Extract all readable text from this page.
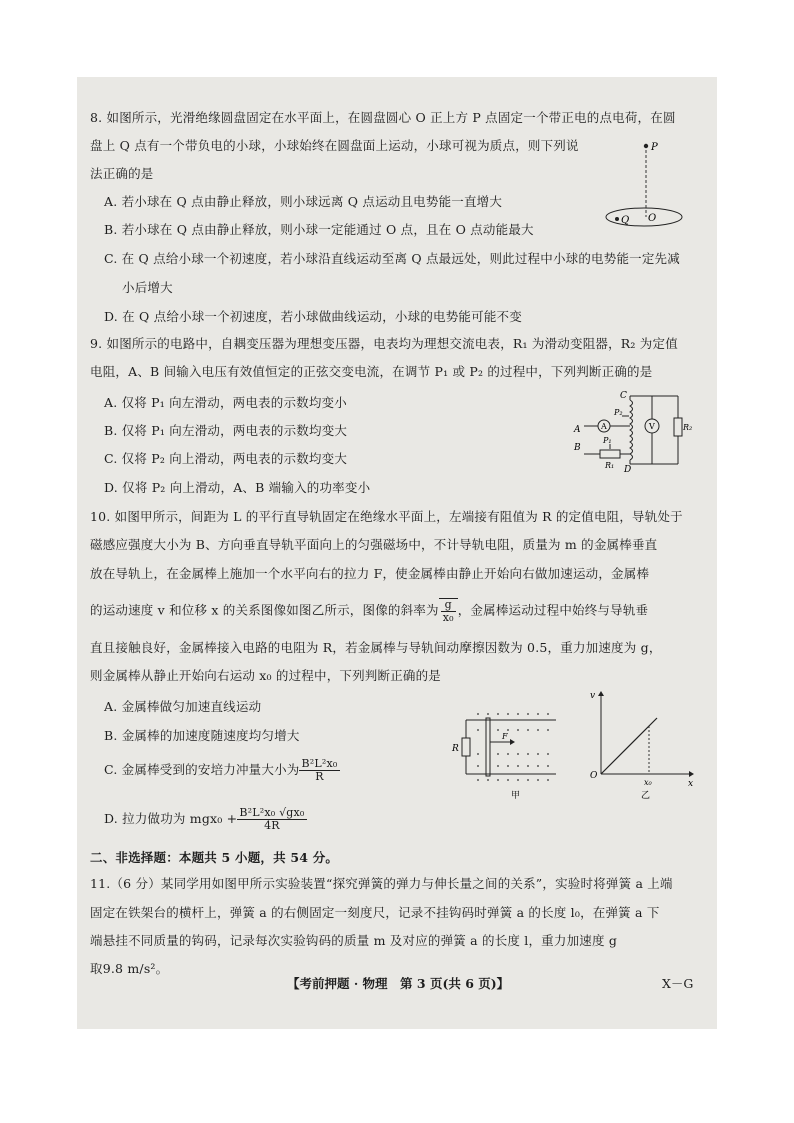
8. 如图所示，光滑绝缘圆盘固定在水平面上，在圆盘圆心 O 正上方 P 点固定一个带正电的点电荷，在圆
盘上 Q 点有一个带负电的小球，小球始终在圆盘面上运动，小球可视为质点，则下列说
法正确的是
A. 若小球在 Q 点由静止释放，则小球远离 Q 点运动且电势能一直增大
B. 若小球在 Q 点由静止释放，则小球一定能通过 O 点，且在 O 点动能最大
C. 在 Q 点给小球一个初速度，若小球沿直线运动至离 Q 点最远处，则此过程中小球的电势能一定先减
小后增大
D. 在 Q 点给小球一个初速度，若小球做曲线运动，小球的电势能可能不变
P
Q O
9. 如图所示的电路中，自耦变压器为理想变压器，电表均为理想交流电表，R₁ 为滑动变阻器，R₂ 为定值
电阻，A、B 间输入电压有效值恒定的正弦交变电流，在调节 P₁ 或 P₂ 的过程中，下列判断正确的是
A. 仅将 P₁ 向左滑动，两电表的示数均变小
B. 仅将 P₁ 向左滑动，两电表的示数均变大
C. 仅将 P₂ 向上滑动，两电表的示数均变大
D. 仅将 P₂ 向上滑动，A、B 端输入的功率变小
C
D
P₂
A
P₁
R₁
A
B
V	R₂
10. 如图甲所示，间距为 L 的平行直导轨固定在绝缘水平面上，左端接有阻值为 R 的定值电阻，导轨处于
磁感应强度大小为 B、方向垂直导轨平面向上的匀强磁场中，不计导轨电阻，质量为 m 的金属棒垂直
放在导轨上，在金属棒上施加一个水平向右的拉力 F，使金属棒由静止开始向右做加速运动，金属棒
的运动速度 v 和位移 x 的关系图像如图乙所示，图像的斜率为 $\frac{g}{\text{x₀}}$ ，金属棒运动过程中始终与导轨垂
直且接触良好，金属棒接入电路的电阻为 R，若金属棒与导轨间动摩擦因数为 0.5，重力加速度为 g，
则金属棒从静止开始向右运动 x₀ 的过程中，下列判断正确的是
A. 金属棒做匀加速直线运动
B. 金属棒的加速度随速度均匀增大
C. 金属棒受到的安培力冲量大小为 $\frac{\text{B²L²x₀}}{R}$
D. 拉力做功为 $mgx_0 + \frac{\text{B²L²x₀ √gx₀}}{4R}$
R
F
甲
v
x
O
x₀
乙
二、非选择题：本题共 5 小题，共 54 分。
11.（6 分）某同学用如图甲所示实验装置“探究弹簧的弹力与伸长量之间的关系”，实验时将弹簧 a 上端
固定在铁架台的横杆上，弹簧 a 的右侧固定一刻度尺，记录不挂钩码时弹簧 a 的长度 l₀，在弹簧 a 下
端悬挂不同质量的钩码，记录每次实验钩码的质量 m 及对应的弹簧 a 的长度 l，重力加速度 g
取9.8 m/s²。
【考前押题 · 物理　第 3 页(共 6 页)】	X－G
